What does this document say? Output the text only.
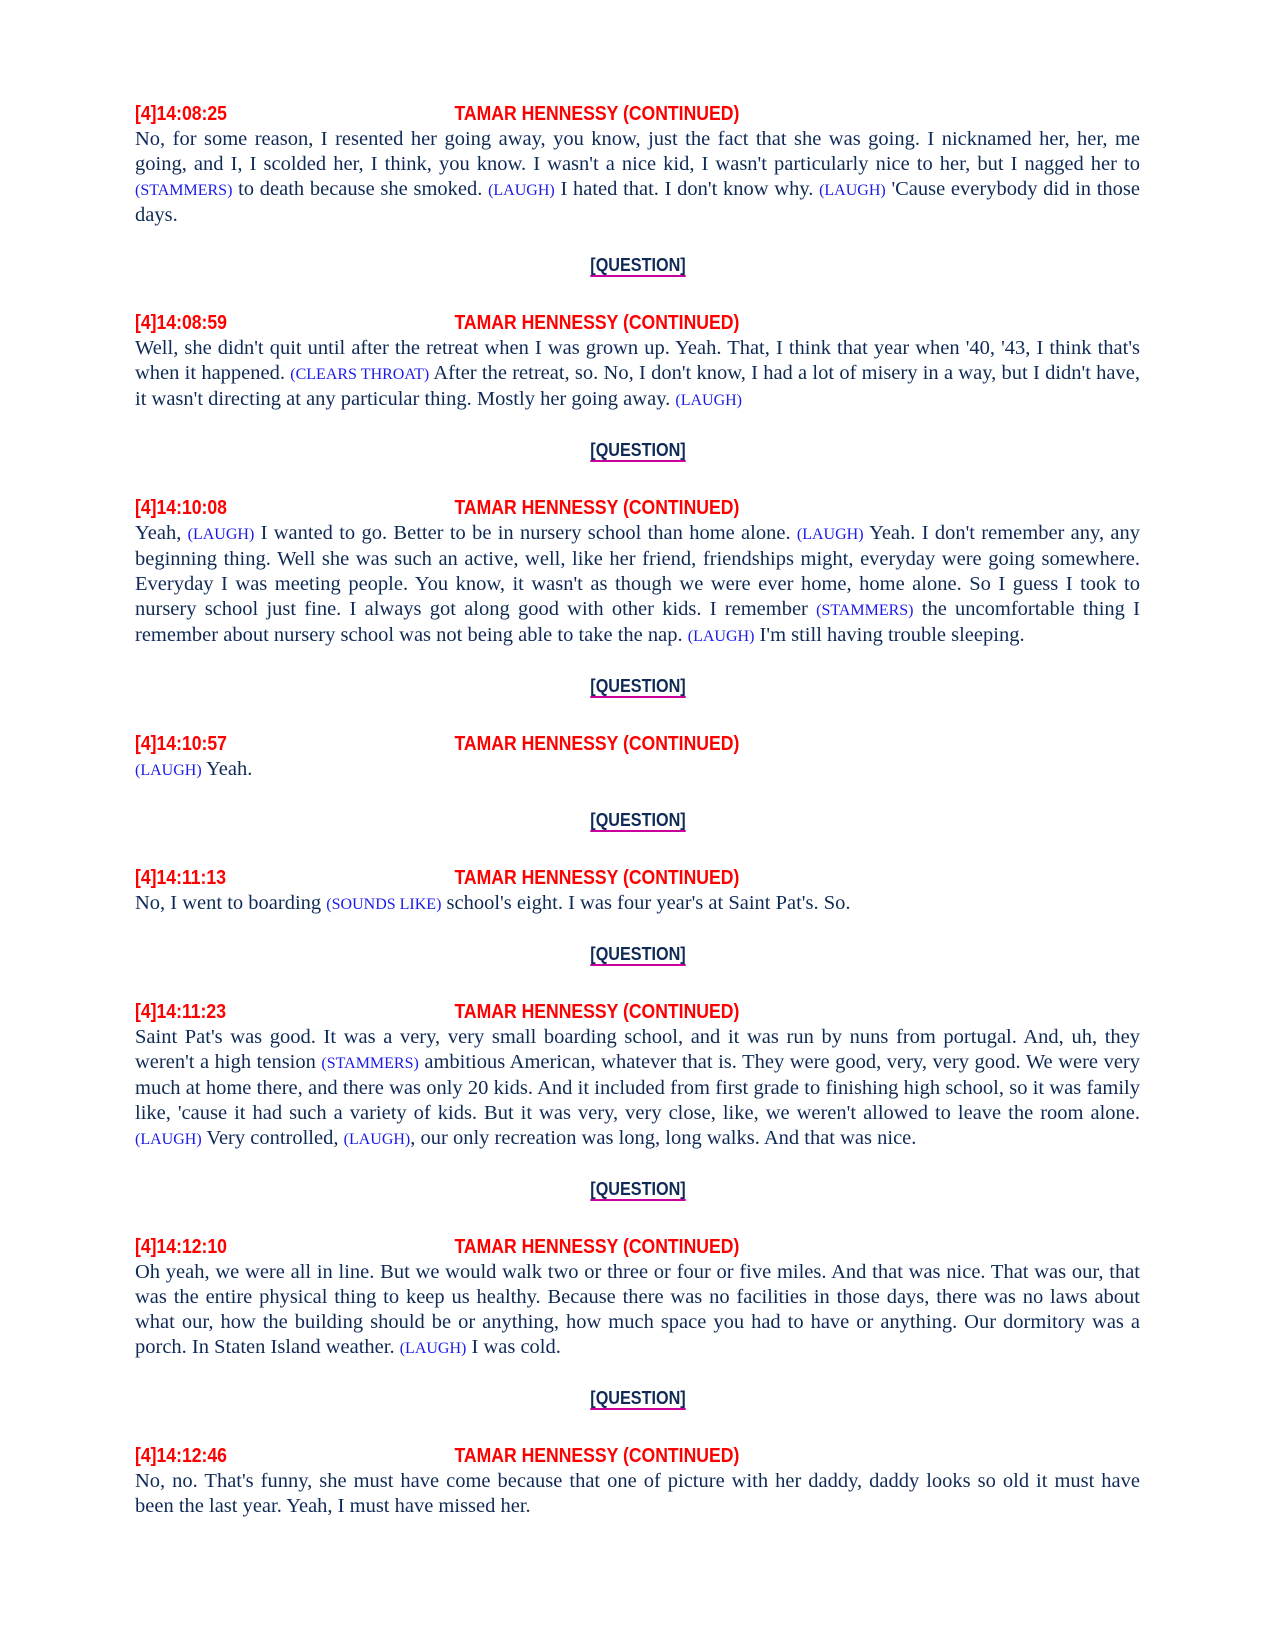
[4]14:08:25	TAMAR HENNESSY (CONTINUED)
No, for some reason, I resented her going away, you know, just the fact that she was going. I nicknamed her, her, me going, and I, I scolded her, I think, you know. I wasn't a nice kid, I wasn't particularly nice to her, but I nagged her to (STAMMERS) to death because she smoked. (LAUGH) I hated that. I don't know why. (LAUGH) 'Cause everybody did in those days.
[QUESTION]
[4]14:08:59	TAMAR HENNESSY (CONTINUED)
Well, she didn't quit until after the retreat when I was grown up. Yeah. That, I think that year when '40, '43, I think that's when it happened. (CLEARS THROAT) After the retreat, so. No, I don't know, I had a lot of misery in a way, but I didn't have, it wasn't directing at any particular thing. Mostly her going away. (LAUGH)
[QUESTION]
[4]14:10:08	TAMAR HENNESSY (CONTINUED)
Yeah, (LAUGH) I wanted to go. Better to be in nursery school than home alone. (LAUGH) Yeah. I don't remember any, any beginning thing. Well she was such an active, well, like her friend, friendships might, everyday were going somewhere. Everyday I was meeting people. You know, it wasn't as though we were ever home, home alone. So I guess I took to nursery school just fine. I always got along good with other kids. I remember (STAMMERS) the uncomfortable thing I remember about nursery school was not being able to take the nap. (LAUGH) I'm still having trouble sleeping.
[QUESTION]
[4]14:10:57	TAMAR HENNESSY (CONTINUED)
(LAUGH) Yeah.
[QUESTION]
[4]14:11:13	TAMAR HENNESSY (CONTINUED)
No, I went to boarding (SOUNDS LIKE) school's eight. I was four year's at Saint Pat's. So.
[QUESTION]
[4]14:11:23	TAMAR HENNESSY (CONTINUED)
Saint Pat's was good. It was a very, very small boarding school, and it was run by nuns from portugal. And, uh, they weren't a high tension (STAMMERS) ambitious American, whatever that is. They were good, very, very good. We were very much at home there, and there was only 20 kids. And it included from first grade to finishing high school, so it was family like, 'cause it had such a variety of kids. But it was very, very close, like, we weren't allowed to leave the room alone. (LAUGH) Very controlled, (LAUGH), our only recreation was long, long walks. And that was nice.
[QUESTION]
[4]14:12:10	TAMAR HENNESSY (CONTINUED)
Oh yeah, we were all in line. But we would walk two or three or four or five miles. And that was nice. That was our, that was the entire physical thing to keep us healthy. Because there was no facilities in those days, there was no laws about what our, how the building should be or anything, how much space you had to have or anything. Our dormitory was a porch. In Staten Island weather. (LAUGH) I was cold.
[QUESTION]
[4]14:12:46	TAMAR HENNESSY (CONTINUED)
No, no. That's funny, she must have come because that one of picture with her daddy, daddy looks so old it must have been the last year. Yeah, I must have missed her.
